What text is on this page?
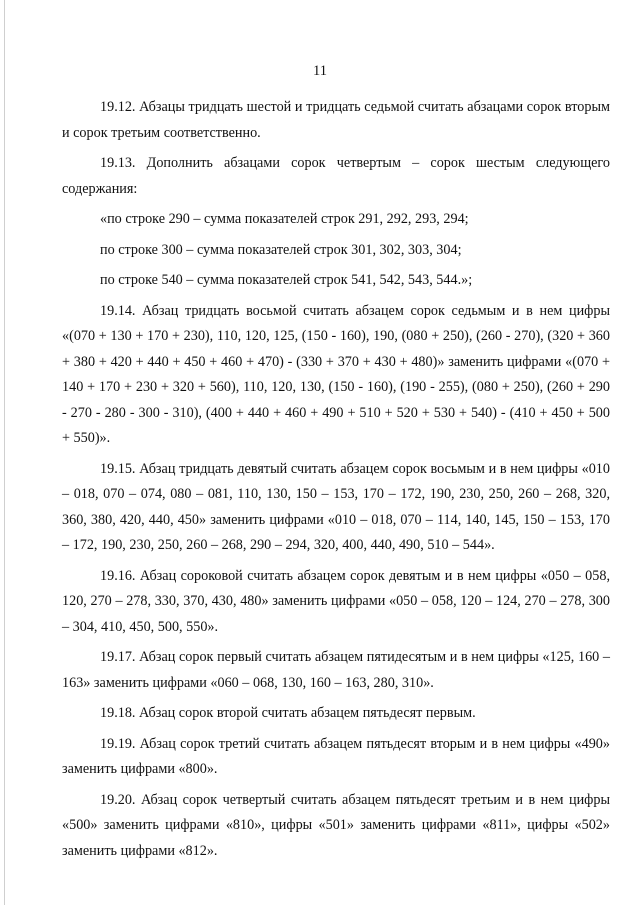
11

19.12. Абзацы тридцать шестой и тридцать седьмой считать абзацами сорок вторым и сорок третьим соответственно.

19.13. Дополнить абзацами сорок четвертым – сорок шестым следующего содержания:

«по строке 290 – сумма показателей строк 291, 292, 293, 294;

по строке 300 – сумма показателей строк 301, 302, 303, 304;

по строке 540 – сумма показателей строк 541, 542, 543, 544.»;

19.14. Абзац тридцать восьмой считать абзацем сорок седьмым и в нем цифры «(070 + 130 + 170 + 230), 110, 120, 125, (150 - 160), 190, (080 + 250), (260 - 270), (320 + 360 + 380 + 420 + 440 + 450 + 460 + 470) - (330 + 370 + 430 + 480)» заменить цифрами «(070 + 140 + 170 + 230 + 320 + 560), 110, 120, 130, (150 - 160), (190 - 255), (080 + 250), (260 + 290 - 270 - 280 - 300 - 310), (400 + 440 + 460 + 490 + 510 + 520 + 530 + 540) - (410 + 450 + 500 + 550)».

19.15. Абзац тридцать девятый считать абзацем сорок восьмым и в нем цифры «010 – 018, 070 – 074, 080 – 081, 110, 130, 150 – 153, 170 – 172, 190, 230, 250, 260 – 268, 320, 360, 380, 420, 440, 450» заменить цифрами «010 – 018, 070 – 114, 140, 145, 150 – 153, 170 – 172, 190, 230, 250, 260 – 268, 290 – 294, 320, 400, 440, 490, 510 – 544».

19.16. Абзац сороковой считать абзацем сорок девятым и в нем цифры «050 – 058, 120, 270 – 278, 330, 370, 430, 480» заменить цифрами «050 – 058, 120 – 124, 270 – 278, 300 – 304, 410, 450, 500, 550».

19.17. Абзац сорок первый считать абзацем пятидесятым и в нем цифры «125, 160 – 163» заменить цифрами «060 – 068, 130, 160 – 163, 280, 310».

19.18. Абзац сорок второй считать абзацем пятьдесят первым.

19.19. Абзац сорок третий считать абзацем пятьдесят вторым и в нем цифры «490» заменить цифрами «800».

19.20. Абзац сорок четвертый считать абзацем пятьдесят третьим и в нем цифры «500» заменить цифрами «810», цифры «501» заменить цифрами «811», цифры «502» заменить цифрами «812».
